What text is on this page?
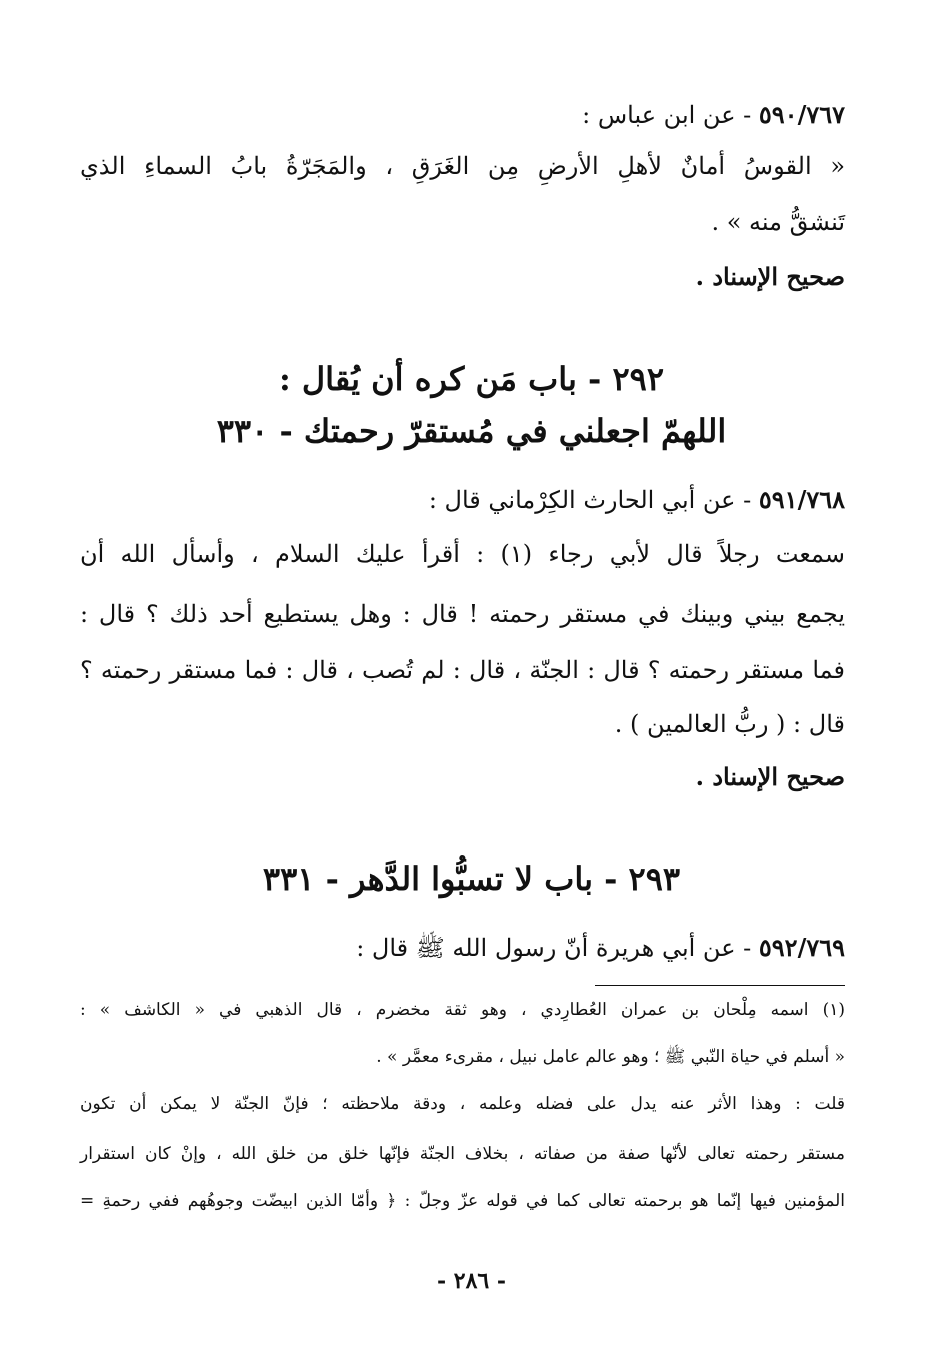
٥٩٠/٧٦٧ - عن ابن عباس :
« القوسُ أمانٌ لأهلِ الأرضِ مِن الغَرَقِ ، والمَجَرّةُ بابُ السماءِ الذي
تَنشقُّ منه » .
صحيح الإسناد .
٢٩٢ - باب مَن كره أن يُقال :
اللهمّ اجعلني في مُستقرّ رحمتك - ٣٣٠
٥٩١/٧٦٨ - عن أبي الحارث الكِرْماني قال :
سمعت رجلاً قال لأبي رجاء (١) : أقرأ عليك السلام ، وأسأل الله أن
يجمع بيني وبينك في مستقر رحمته ! قال : وهل يستطيع أحد ذلك ؟ قال :
فما مستقر رحمته ؟ قال : الجنّة ، قال : لم تُصب ، قال : فما مستقر رحمته ؟
قال : ( ربُّ العالمين ) .
صحيح الإسناد .
٢٩٣ - باب لا تسبُّوا الدَّهر - ٣٣١
٥٩٢/٧٦٩ - عن أبي هريرة أنّ رسول الله ﷺ قال :
(١) اسمه مِلْحان بن عمران العُطارِدي ، وهو ثقة مخضرم ، قال الذهبي في « الكاشف » :
« أسلم في حياة النّبي ﷺ ؛ وهو عالم عامل نبيل ، مقرىء معمَّر » .
قلت : وهذا الأثر عنه يدل على فضله وعلمه ، ودقة ملاحظته ؛ فإنّ الجنّة لا يمكن أن تكون
مستقر رحمته تعالى لأنّها صفة من صفاته ، بخلاف الجنّة فإنّها خلق من خلق الله ، وإنْ كان استقرار
المؤمنين فيها إنّما هو برحمته تعالى كما في قوله عزّ وجلّ : ﴿ وأمّا الذين ابيضّت وجوهُهم ففي رحمةِ =
- ٢٨٦ -
